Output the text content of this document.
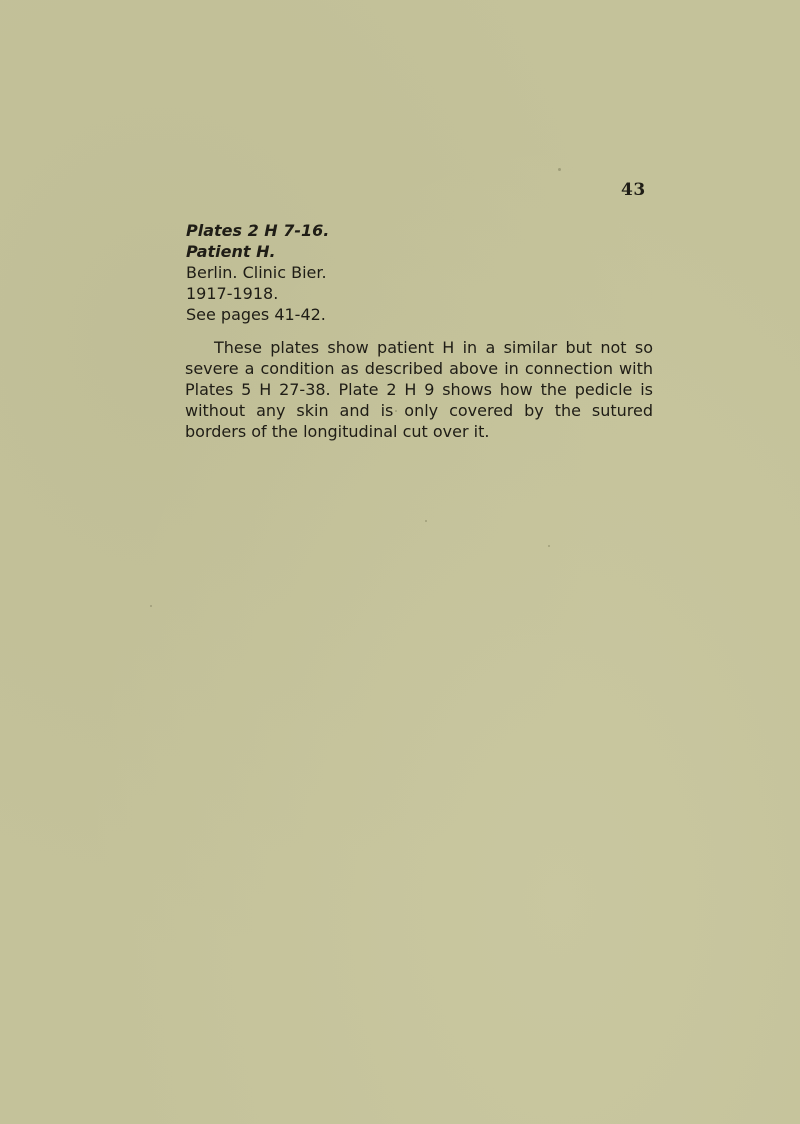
43
Plates 2 H 7-16.
Patient H.
Berlin. Clinic Bier.
1917-1918.
See pages 41-42.

These plates show patient H in a similar but not so severe a condition as described above in connection with Plates 5 H 27-38. Plate 2 H 9 shows how the pedicle is without any skin and is only covered by the sutured borders of the longitudinal cut over it.
